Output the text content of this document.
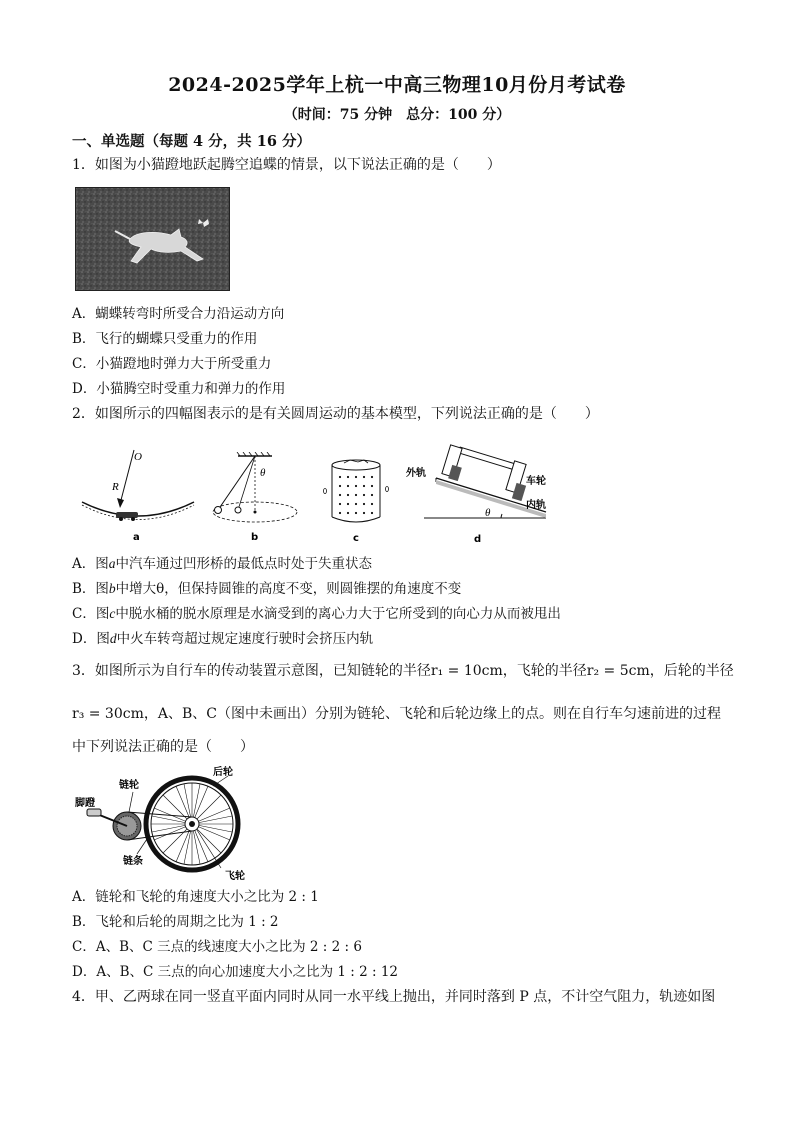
2024-2025学年上杭一中高三物理10月份月考试卷
（时间：75 分钟　总分：100 分）
一、单选题（每题 4 分，共 16 分）
1．如图为小猫蹬地跃起腾空追蝶的情景，以下说法正确的是（　　）
A．蝴蝶转弯时所受合力沿运动方向
B．飞行的蝴蝶只受重力的作用
C．小猫蹬地时弹力大于所受重力
D．小猫腾空时受重力和弹力的作用
2．如图所示的四幅图表示的是有关圆周运动的基本模型，下列说法正确的是（　　）
O
R
a
θ
b	c
θ
外轨
车轮
内轨
d
A．图a中汽车通过凹形桥的最低点时处于失重状态
B．图b中增大θ，但保持圆锥的高度不变，则圆锥摆的角速度不变
C．图c中脱水桶的脱水原理是水滴受到的离心力大于它所受到的向心力从而被甩出
D．图d中火车转弯超过规定速度行驶时会挤压内轨
3．如图所示为自行车的传动装置示意图，已知链轮的半径r₁ = 10cm，飞轮的半径r₂ = 5cm，后轮的半径
r₃ = 30cm，A、B、C（图中未画出）分别为链轮、飞轮和后轮边缘上的点。则在自行车匀速前进的过程
中下列说法正确的是（　　）
脚蹬
链轮
后轮
链条
飞轮
A．链轮和飞轮的角速度大小之比为 2 : 1
B．飞轮和后轮的周期之比为 1 : 2
C．A、B、C 三点的线速度大小之比为 2 : 2 : 6
D．A、B、C 三点的向心加速度大小之比为 1 : 2 : 12
4．甲、乙两球在同一竖直平面内同时从同一水平线上抛出，并同时落到 P 点，不计空气阻力，轨迹如图
